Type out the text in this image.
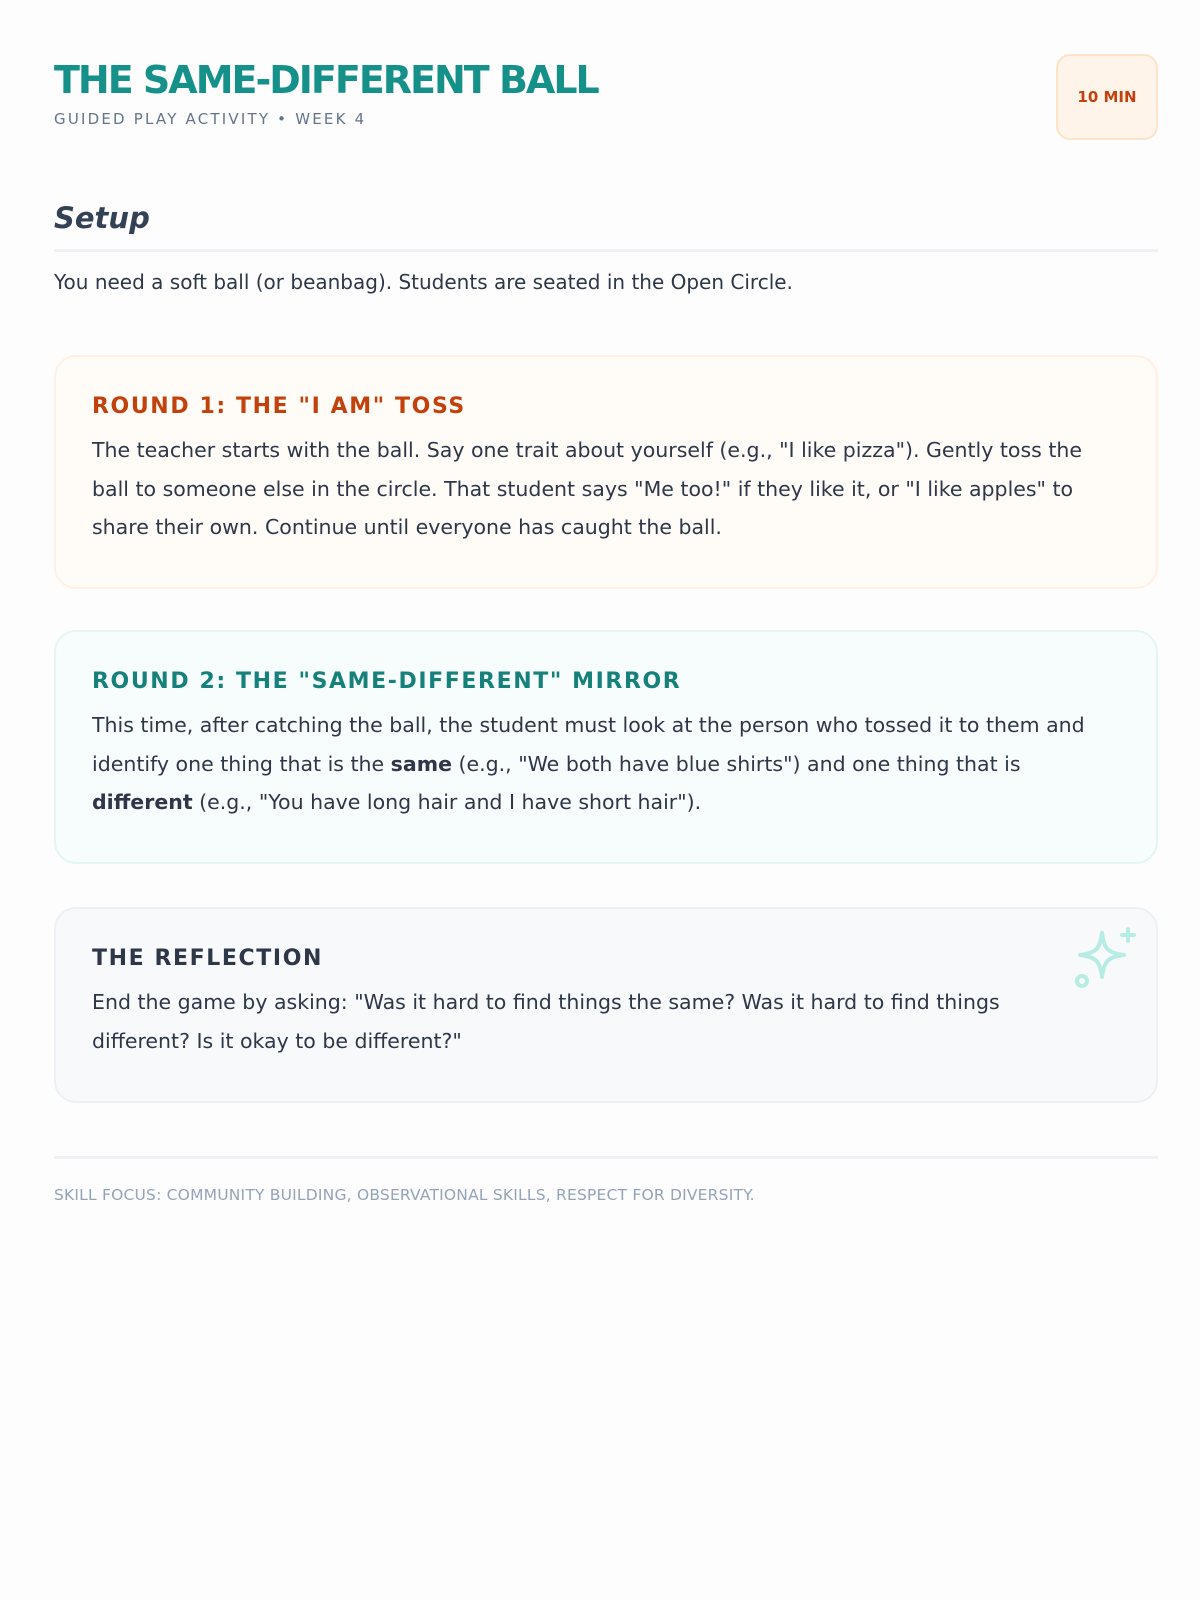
THE SAME-DIFFERENT BALL
GUIDED PLAY ACTIVITY • WEEK 4
10 MIN
Setup

You need a soft ball (or beanbag). Students are seated in the Open Circle.

ROUND 1: THE "I AM" TOSS

The teacher starts with the ball. Say one trait about yourself (e.g., "I like pizza"). Gently toss the ball to someone else in the circle. That student says "Me too!" if they like it, or "I like apples" to share their own. Continue until everyone has caught the ball.

ROUND 2: THE "SAME-DIFFERENT" MIRROR

This time, after catching the ball, the student must look at the person who tossed it to them and identify one thing that is the same (e.g., "We both have blue shirts") and one thing that is different (e.g., "You have long hair and I have short hair").

THE REFLECTION

End the game by asking: "Was it hard to find things the same? Was it hard to find things different? Is it okay to be different?"

SKILL FOCUS: COMMUNITY BUILDING, OBSERVATIONAL SKILLS, RESPECT FOR DIVERSITY.
